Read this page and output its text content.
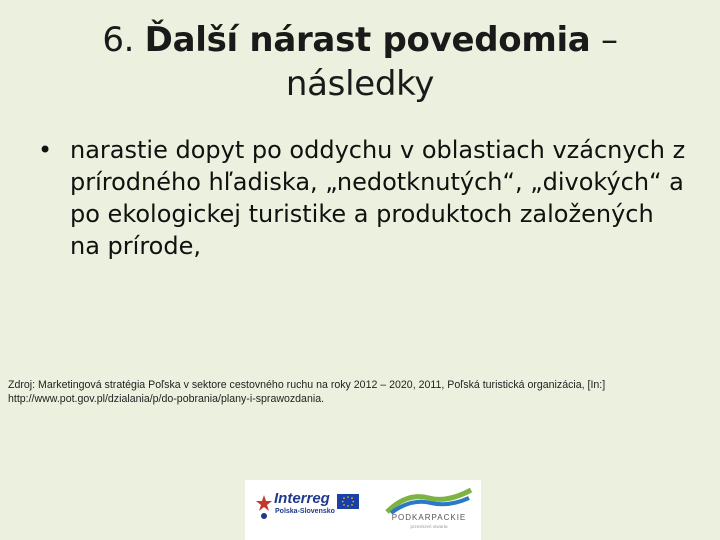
6. Ďalší nárast povedomia –
následky
• narastie dopyt po oddychu v oblastiach vzácnych z prírodného hľadiska, „nedotknutých“, „divokých“ a po ekologickej turistike a produktoch založených na prírode,
Zdroj: Marketingová stratégia Poľska v sektore cestovného ruchu na roky 2012 – 2020, 2011, Poľská turistická organizácia, [In:]
http://www.pot.gov.pl/dzialania/p/do-pobrania/plany-i-sprawozdania.
Interreg
Polska-Slovensko
PODKARPACKIE
przestrzeń otwarta
